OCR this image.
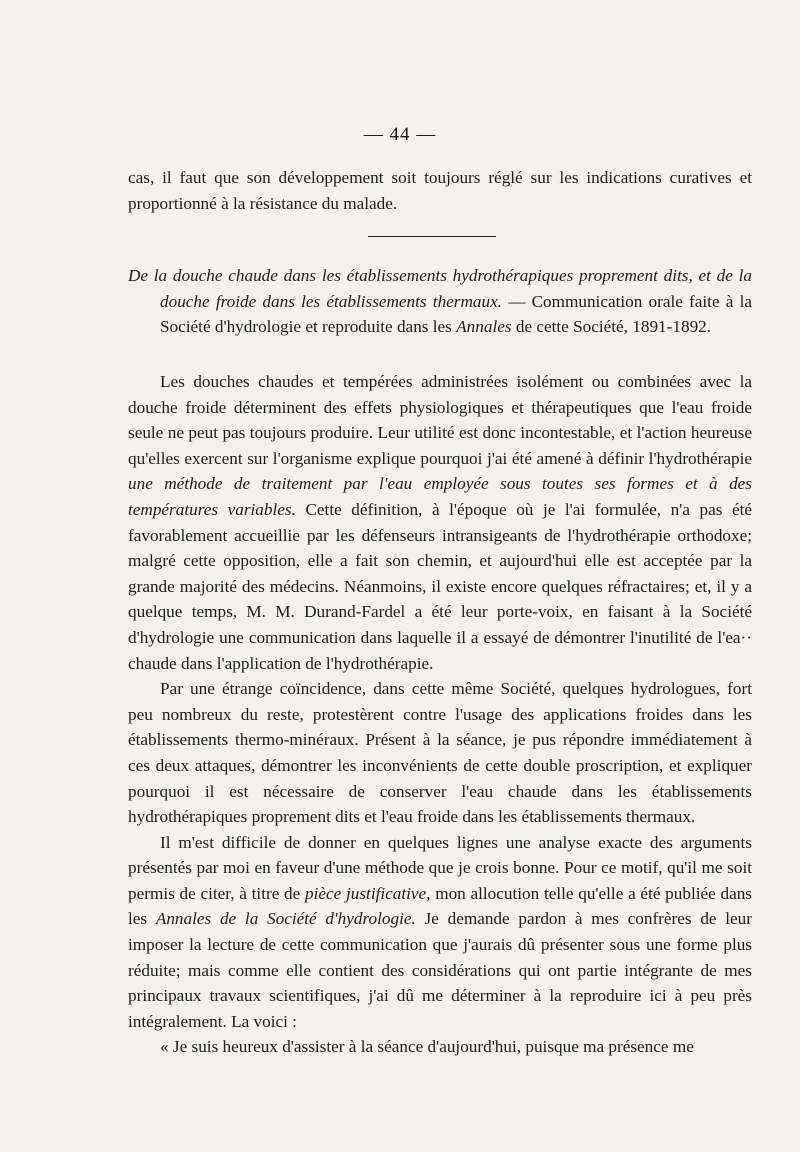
— 44 —
cas, il faut que son développement soit toujours réglé sur les indications curatives et proportionné à la résistance du malade.
De la douche chaude dans les établissements hydrothérapiques proprement dits, et de la douche froide dans les établissements thermaux. — Communication orale faite à la Société d'hydrologie et reproduite dans les Annales de cette Société, 1891-1892.

Les douches chaudes et tempérées administrées isolément ou combinées avec la douche froide déterminent des effets physiologiques et thérapeutiques que l'eau froide seule ne peut pas toujours produire. Leur utilité est donc incontestable, et l'action heureuse qu'elles exercent sur l'organisme explique pourquoi j'ai été amené à définir l'hydrothérapie une méthode de traitement par l'eau employée sous toutes ses formes et à des températures variables. Cette définition, à l'époque où je l'ai formulée, n'a pas été favorablement accueillie par les défenseurs intransigeants de l'hydrothérapie orthodoxe; malgré cette opposition, elle a fait son chemin, et aujourd'hui elle est acceptée par la grande majorité des médecins. Néanmoins, il existe encore quelques réfractaires; et, il y a quelque temps, M. M. Durand-Fardel a été leur porte-voix, en faisant à la Société d'hydrologie une communication dans laquelle il a essayé de démontrer l'inutilité de l'ea·· chaude dans l'application de l'hydrothérapie.

Par une étrange coïncidence, dans cette même Société, quelques hydrologues, fort peu nombreux du reste, protestèrent contre l'usage des applications froides dans les établissements thermo-minéraux. Présent à la séance, je pus répondre immédiatement à ces deux attaques, démontrer les inconvénients de cette double proscription, et expliquer pourquoi il est nécessaire de conserver l'eau chaude dans les établissements hydrothérapiques proprement dits et l'eau froide dans les établissements thermaux.

Il m'est difficile de donner en quelques lignes une analyse exacte des arguments présentés par moi en faveur d'une méthode que je crois bonne. Pour ce motif, qu'il me soit permis de citer, à titre de pièce justificative, mon allocution telle qu'elle a été publiée dans les Annales de la Société d'hydrologie. Je demande pardon à mes confrères de leur imposer la lecture de cette communication que j'aurais dû présenter sous une forme plus réduite; mais comme elle contient des considérations qui ont partie intégrante de mes principaux travaux scientifiques, j'ai dû me déterminer à la reproduire ici à peu près intégralement. La voici :

« Je suis heureux d'assister à la séance d'aujourd'hui, puisque ma présence me
